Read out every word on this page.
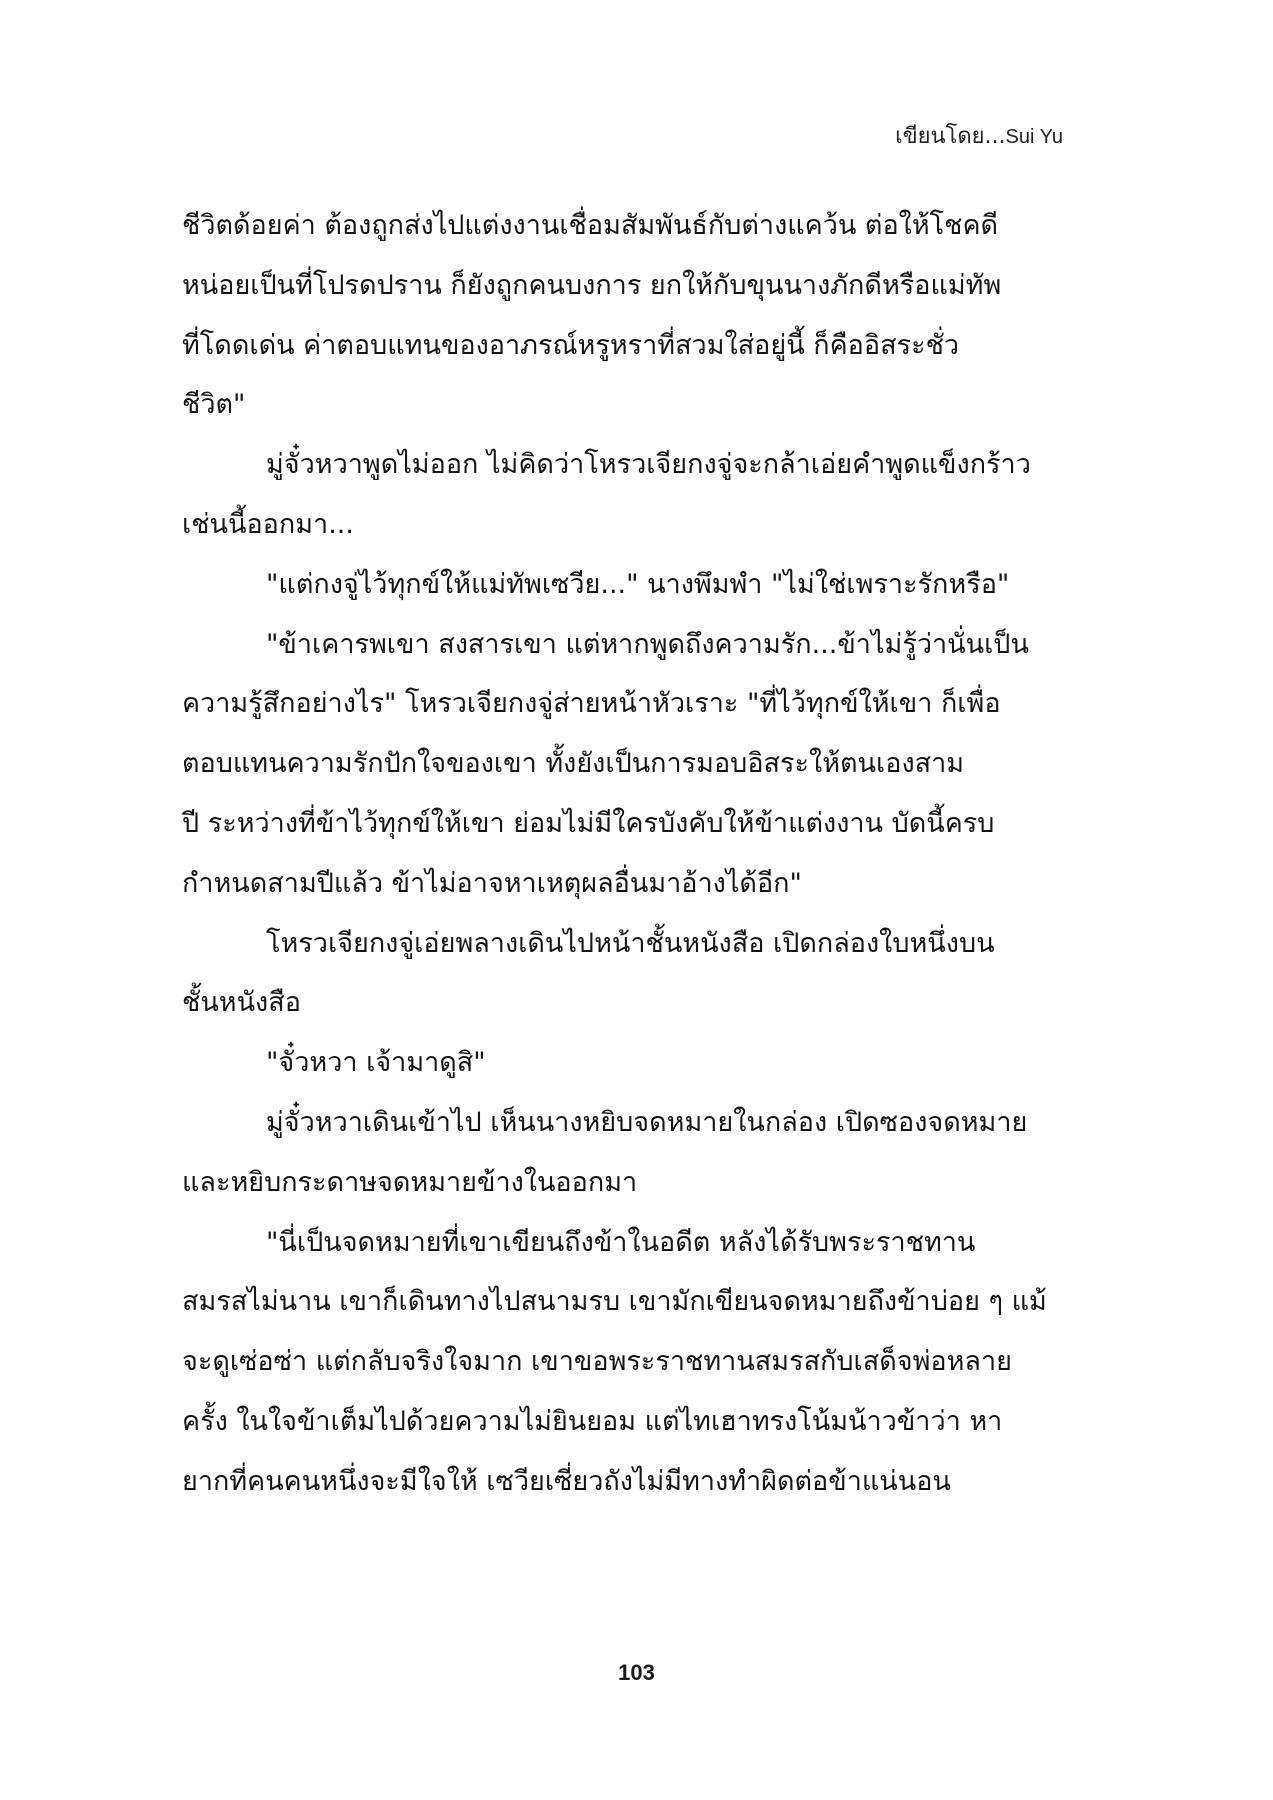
เขียนโดย...Sui Yu
ชีวิตด้อยค่า ต้องถูกส่งไปแต่งงานเชื่อมสัมพันธ์กับต่างแคว้น ต่อให้โชคดี
หน่อยเป็นที่โปรดปราน ก็ยังถูกคนบงการ ยกให้กับขุนนางภักดีหรือแม่ทัพ
ที่โดดเด่น ค่าตอบแทนของอาภรณ์หรูหราที่สวมใส่อยู่นี้ ก็คืออิสระชั่ว
ชีวิต"
มู่จั๋วหวาพูดไม่ออก ไม่คิดว่าโหรวเจียกงจู่จะกล้าเอ่ยคำพูดแข็งกร้าว
เช่นนี้ออกมา...
"แต่กงจู่ไว้ทุกข์ให้แม่ทัพเซวีย..." นางพึมพำ "ไม่ใช่เพราะรักหรือ"
"ข้าเคารพเขา สงสารเขา แต่หากพูดถึงความรัก...ข้าไม่รู้ว่านั่นเป็น
ความรู้สึกอย่างไร" โหรวเจียกงจู่ส่ายหน้าหัวเราะ "ที่ไว้ทุกข์ให้เขา ก็เพื่อ
ตอบแทนความรักปักใจของเขา ทั้งยังเป็นการมอบอิสระให้ตนเองสาม
ปี ระหว่างที่ข้าไว้ทุกข์ให้เขา ย่อมไม่มีใครบังคับให้ข้าแต่งงาน บัดนี้ครบ
กำหนดสามปีแล้ว ข้าไม่อาจหาเหตุผลอื่นมาอ้างได้อีก"
โหรวเจียกงจู่เอ่ยพลางเดินไปหน้าชั้นหนังสือ เปิดกล่องใบหนึ่งบน
ชั้นหนังสือ
"จั๋วหวา เจ้ามาดูสิ"
มู่จั๋วหวาเดินเข้าไป เห็นนางหยิบจดหมายในกล่อง เปิดซองจดหมาย
และหยิบกระดาษจดหมายข้างในออกมา
"นี่เป็นจดหมายที่เขาเขียนถึงข้าในอดีต หลังได้รับพระราชทาน
สมรสไม่นาน เขาก็เดินทางไปสนามรบ เขามักเขียนจดหมายถึงข้าบ่อย ๆ แม้
จะดูเซ่อซ่า แต่กลับจริงใจมาก เขาขอพระราชทานสมรสกับเสด็จพ่อหลาย
ครั้ง ในใจข้าเต็มไปด้วยความไม่ยินยอม แต่ไทเฮาทรงโน้มน้าวข้าว่า หา
ยากที่คนคนหนึ่งจะมีใจให้ เซวียเซี่ยวถังไม่มีทางทำผิดต่อข้าแน่นอน
103
